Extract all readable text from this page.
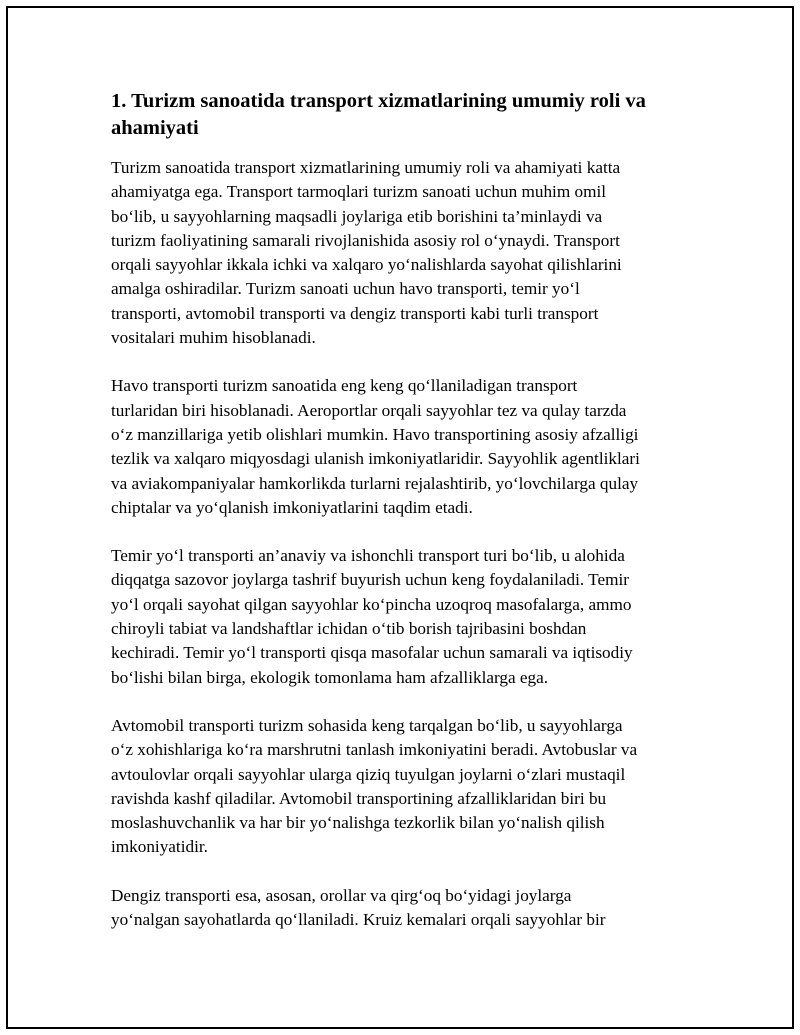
1. Turizm sanoatida transport xizmatlarining umumiy roli va
ahamiyati
Turizm sanoatida transport xizmatlarining umumiy roli va ahamiyati katta
ahamiyatga ega. Transport tarmoqlari turizm sanoati uchun muhim omil
bo‘lib, u sayyohlarning maqsadli joylariga etib borishini ta’minlaydi va
turizm faoliyatining samarali rivojlanishida asosiy rol o‘ynaydi. Transport
orqali sayyohlar ikkala ichki va xalqaro yo‘nalishlarda sayohat qilishlarini
amalga oshiradilar. Turizm sanoati uchun havo transporti, temir yo‘l
transporti, avtomobil transporti va dengiz transporti kabi turli transport
vositalari muhim hisoblanadi.
Havo transporti turizm sanoatida eng keng qo‘llaniladigan transport
turlaridan biri hisoblanadi. Aeroportlar orqali sayyohlar tez va qulay tarzda
o‘z manzillariga yetib olishlari mumkin. Havo transportining asosiy afzalligi
tezlik va xalqaro miqyosdagi ulanish imkoniyatlaridir. Sayyohlik agentliklari
va aviakompaniyalar hamkorlikda turlarni rejalashtirib, yo‘lovchilarga qulay
chiptalar va yo‘qlanish imkoniyatlarini taqdim etadi.
Temir yo‘l transporti an’anaviy va ishonchli transport turi bo‘lib, u alohida
diqqatga sazovor joylarga tashrif buyurish uchun keng foydalaniladi. Temir
yo‘l orqali sayohat qilgan sayyohlar ko‘pincha uzoqroq masofalarga, ammo
chiroyli tabiat va landshaftlar ichidan o‘tib borish tajribasini boshdan
kechiradi. Temir yo‘l transporti qisqa masofalar uchun samarali va iqtisodiy
bo‘lishi bilan birga, ekologik tomonlama ham afzalliklarga ega.
Avtomobil transporti turizm sohasida keng tarqalgan bo‘lib, u sayyohlarga
o‘z xohishlariga ko‘ra marshrutni tanlash imkoniyatini beradi. Avtobuslar va
avtoulovlar orqali sayyohlar ularga qiziq tuyulgan joylarni o‘zlari mustaqil
ravishda kashf qiladilar. Avtomobil transportining afzalliklaridan biri bu
moslashuvchanlik va har bir yo‘nalishga tezkorlik bilan yo‘nalish qilish
imkoniyatidir.
Dengiz transporti esa, asosan, orollar va qirg‘oq bo‘yidagi joylarga
yo‘nalgan sayohatlarda qo‘llaniladi. Kruiz kemalari orqali sayyohlar bir
